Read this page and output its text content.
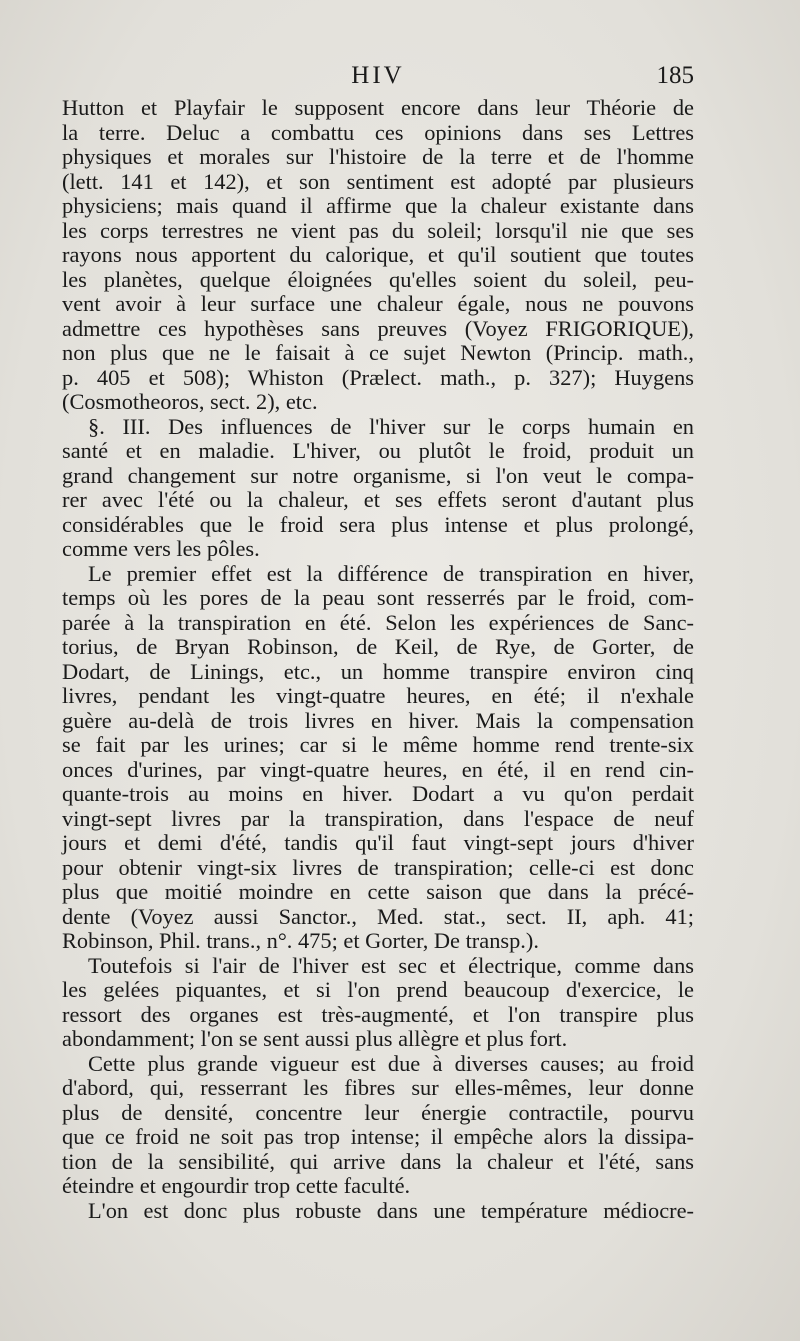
HIV	185
Hutton et Playfair le supposent encore dans leur Théorie de
la terre. Deluc a combattu ces opinions dans ses Lettres
physiques et morales sur l'histoire de la terre et de l'homme
(lett. 141 et 142), et son sentiment est adopté par plusieurs
physiciens; mais quand il affirme que la chaleur existante dans
les corps terrestres ne vient pas du soleil; lorsqu'il nie que ses
rayons nous apportent du calorique, et qu'il soutient que toutes
les planètes, quelque éloignées qu'elles soient du soleil, peu-
vent avoir à leur surface une chaleur égale, nous ne pouvons
admettre ces hypothèses sans preuves (Voyez FRIGORIQUE),
non plus que ne le faisait à ce sujet Newton (Princip. math.,
p. 405 et 508); Whiston (Prælect. math., p. 327); Huygens
(Cosmotheoros, sect. 2), etc.
§. III. Des influences de l'hiver sur le corps humain en
santé et en maladie. L'hiver, ou plutôt le froid, produit un
grand changement sur notre organisme, si l'on veut le compa-
rer avec l'été ou la chaleur, et ses effets seront d'autant plus
considérables que le froid sera plus intense et plus prolongé,
comme vers les pôles.
Le premier effet est la différence de transpiration en hiver,
temps où les pores de la peau sont resserrés par le froid, com-
parée à la transpiration en été. Selon les expériences de Sanc-
torius, de Bryan Robinson, de Keil, de Rye, de Gorter, de
Dodart, de Linings, etc., un homme transpire environ cinq
livres, pendant les vingt-quatre heures, en été; il n'exhale
guère au-delà de trois livres en hiver. Mais la compensation
se fait par les urines; car si le même homme rend trente-six
onces d'urines, par vingt-quatre heures, en été, il en rend cin-
quante-trois au moins en hiver. Dodart a vu qu'on perdait
vingt-sept livres par la transpiration, dans l'espace de neuf
jours et demi d'été, tandis qu'il faut vingt-sept jours d'hiver
pour obtenir vingt-six livres de transpiration; celle-ci est donc
plus que moitié moindre en cette saison que dans la précé-
dente (Voyez aussi Sanctor., Med. stat., sect. II, aph. 41;
Robinson, Phil. trans., n°. 475; et Gorter, De transp.).
Toutefois si l'air de l'hiver est sec et électrique, comme dans
les gelées piquantes, et si l'on prend beaucoup d'exercice, le
ressort des organes est très-augmenté, et l'on transpire plus
abondamment; l'on se sent aussi plus allègre et plus fort.
Cette plus grande vigueur est due à diverses causes; au froid
d'abord, qui, resserrant les fibres sur elles-mêmes, leur donne
plus de densité, concentre leur énergie contractile, pourvu
que ce froid ne soit pas trop intense; il empêche alors la dissipa-
tion de la sensibilité, qui arrive dans la chaleur et l'été, sans
éteindre et engourdir trop cette faculté.
L'on est donc plus robuste dans une température médiocre-
